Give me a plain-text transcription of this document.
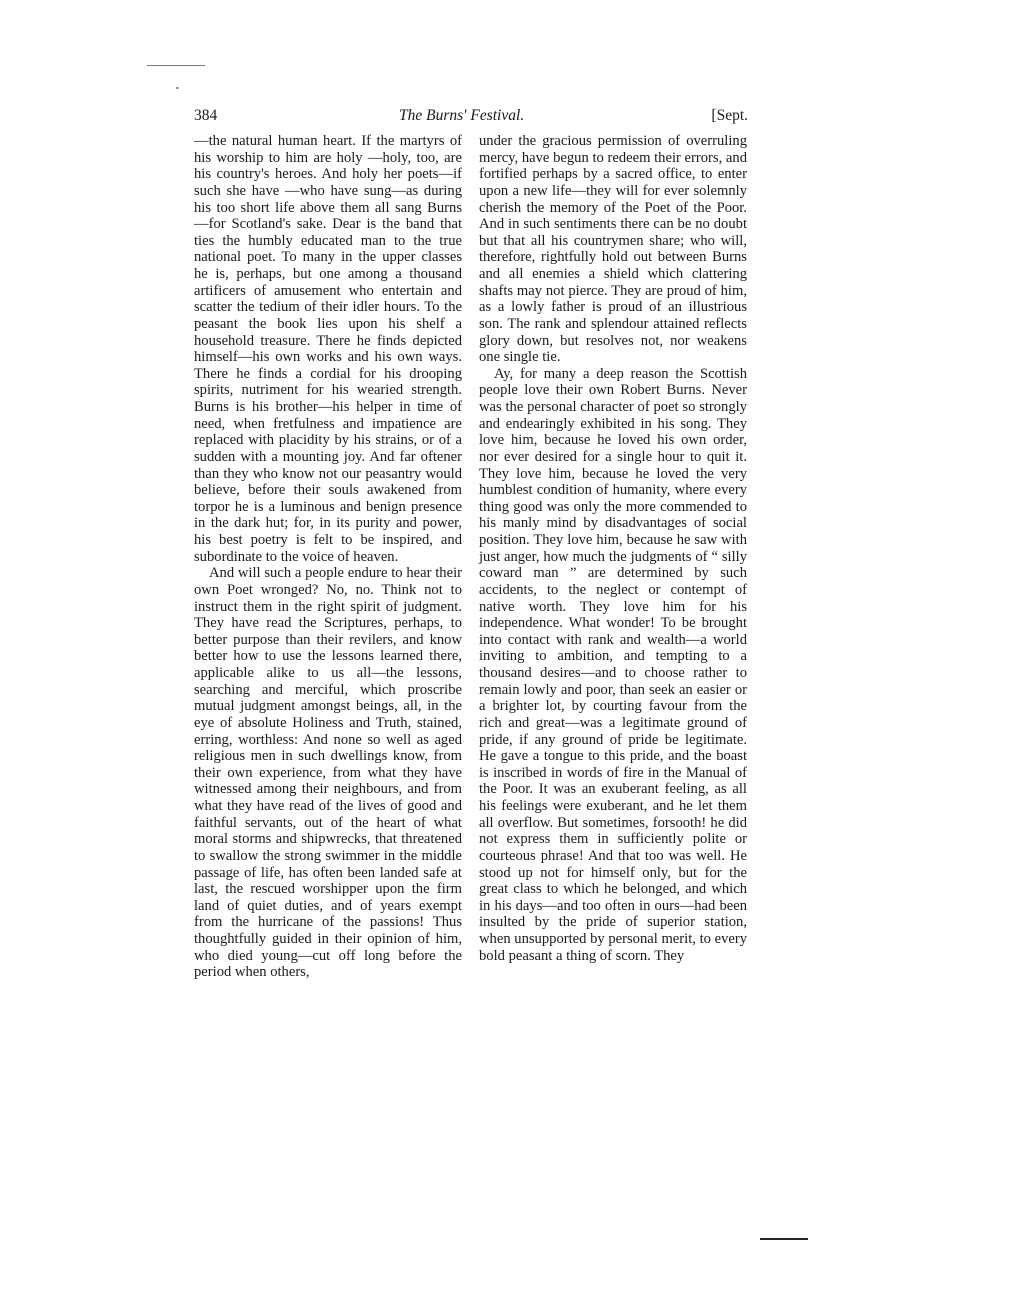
384	The Burns' Festival.	[Sept.

—the natural human heart. If the martyrs of his worship to him are holy —holy, too, are his country's heroes. And holy her poets—if such she have —who have sung—as during his too short life above them all sang Burns—for Scotland's sake. Dear is the band that ties the humbly educated man to the true national poet. To many in the upper classes he is, perhaps, but one among a thousand artificers of amusement who entertain and scatter the tedium of their idler hours. To the peasant the book lies upon his shelf a household treasure. There he finds depicted himself—his own works and his own ways. There he finds a cordial for his drooping spirits, nutriment for his wearied strength. Burns is his brother—his helper in time of need, when fretfulness and impatience are replaced with placidity by his strains, or of a sudden with a mounting joy. And far oftener than they who know not our peasantry would believe, before their souls awakened from torpor he is a luminous and benign presence in the dark hut; for, in its purity and power, his best poetry is felt to be inspired, and subordinate to the voice of heaven.

And will such a people endure to hear their own Poet wronged? No, no. Think not to instruct them in the right spirit of judgment. They have read the Scriptures, perhaps, to better purpose than their revilers, and know better how to use the lessons learned there, applicable alike to us all—the lessons, searching and merciful, which proscribe mutual judgment amongst beings, all, in the eye of absolute Holiness and Truth, stained, erring, worthless: And none so well as aged religious men in such dwellings know, from their own experience, from what they have witnessed among their neighbours, and from what they have read of the lives of good and faithful servants, out of the heart of what moral storms and shipwrecks, that threatened to swallow the strong swimmer in the middle passage of life, has often been landed safe at last, the rescued worshipper upon the firm land of quiet duties, and of years exempt from the hurricane of the passions! Thus thoughtfully guided in their opinion of him, who died young—cut off long before the period when others,

under the gracious permission of overruling mercy, have begun to redeem their errors, and fortified perhaps by a sacred office, to enter upon a new life—they will for ever solemnly cherish the memory of the Poet of the Poor. And in such sentiments there can be no doubt but that all his countrymen share; who will, therefore, rightfully hold out between Burns and all enemies a shield which clattering shafts may not pierce. They are proud of him, as a lowly father is proud of an illustrious son. The rank and splendour attained reflects glory down, but resolves not, nor weakens one single tie.

Ay, for many a deep reason the Scottish people love their own Robert Burns. Never was the personal character of poet so strongly and endearingly exhibited in his song. They love him, because he loved his own order, nor ever desired for a single hour to quit it. They love him, because he loved the very humblest condition of humanity, where every thing good was only the more commended to his manly mind by disadvantages of social position. They love him, because he saw with just anger, how much the judgments of “ silly coward man ” are determined by such accidents, to the neglect or contempt of native worth. They love him for his independence. What wonder! To be brought into contact with rank and wealth—a world inviting to ambition, and tempting to a thousand desires—and to choose rather to remain lowly and poor, than seek an easier or a brighter lot, by courting favour from the rich and great—was a legitimate ground of pride, if any ground of pride be legitimate. He gave a tongue to this pride, and the boast is inscribed in words of fire in the Manual of the Poor. It was an exuberant feeling, as all his feelings were exuberant, and he let them all overflow. But sometimes, forsooth! he did not express them in sufficiently polite or courteous phrase! And that too was well. He stood up not for himself only, but for the great class to which he belonged, and which in his days—and too often in ours—had been insulted by the pride of superior station, when unsupported by personal merit, to every bold peasant a thing of scorn. They
